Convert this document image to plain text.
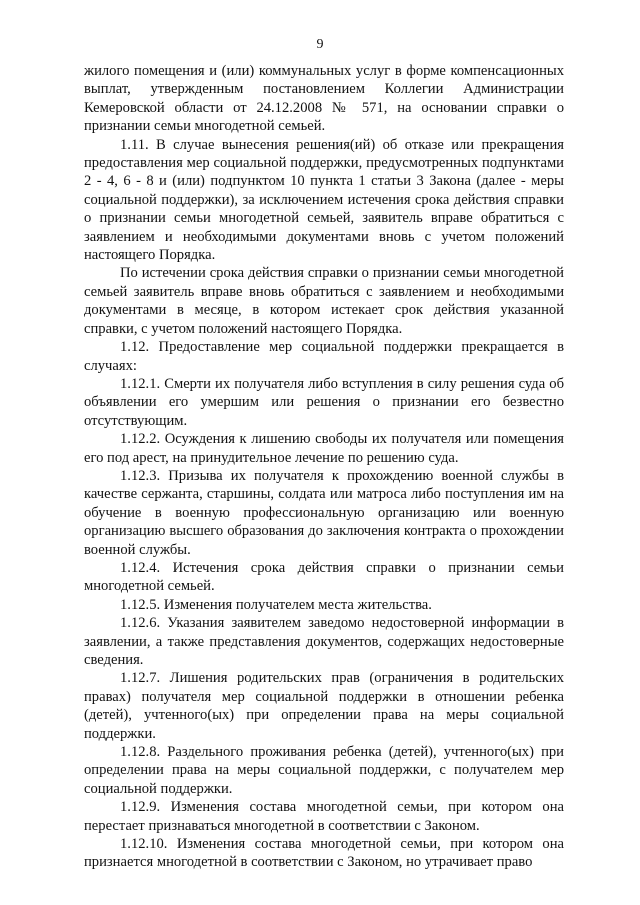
9

жилого помещения и (или) коммунальных услуг в форме компенсационных выплат, утвержденным постановлением Коллегии Администрации Кемеровской области от 24.12.2008 № 571, на основании справки о признании семьи многодетной семьей.

1.11. В случае вынесения решения(ий) об отказе или прекращения предоставления мер социальной поддержки, предусмотренных подпунктами 2 - 4, 6 - 8 и (или) подпунктом 10 пункта 1 статьи 3 Закона (далее - меры социальной поддержки), за исключением истечения срока действия справки о признании семьи многодетной семьей, заявитель вправе обратиться с заявлением и необходимыми документами вновь с учетом положений настоящего Порядка.

По истечении срока действия справки о признании семьи многодетной семьей заявитель вправе вновь обратиться с заявлением и необходимыми документами в месяце, в котором истекает срок действия указанной справки, с учетом положений настоящего Порядка.

1.12. Предоставление мер социальной поддержки прекращается в случаях:

1.12.1. Смерти их получателя либо вступления в силу решения суда об объявлении его умершим или решения о признании его безвестно отсутствующим.

1.12.2. Осуждения к лишению свободы их получателя или помещения его под арест, на принудительное лечение по решению суда.

1.12.3. Призыва их получателя к прохождению военной службы в качестве сержанта, старшины, солдата или матроса либо поступления им на обучение в военную профессиональную организацию или военную организацию высшего образования до заключения контракта о прохождении военной службы.

1.12.4. Истечения срока действия справки о признании семьи многодетной семьей.

1.12.5. Изменения получателем места жительства.

1.12.6. Указания заявителем заведомо недостоверной информации в заявлении, а также представления документов, содержащих недостоверные сведения.

1.12.7. Лишения родительских прав (ограничения в родительских правах) получателя мер социальной поддержки в отношении ребенка (детей), учтенного(ых) при определении права на меры социальной поддержки.

1.12.8. Раздельного проживания ребенка (детей), учтенного(ых) при определении права на меры социальной поддержки, с получателем мер социальной поддержки.

1.12.9. Изменения состава многодетной семьи, при котором она перестает признаваться многодетной в соответствии с Законом.

1.12.10. Изменения состава многодетной семьи, при котором она признается многодетной в соответствии с Законом, но утрачивает право
